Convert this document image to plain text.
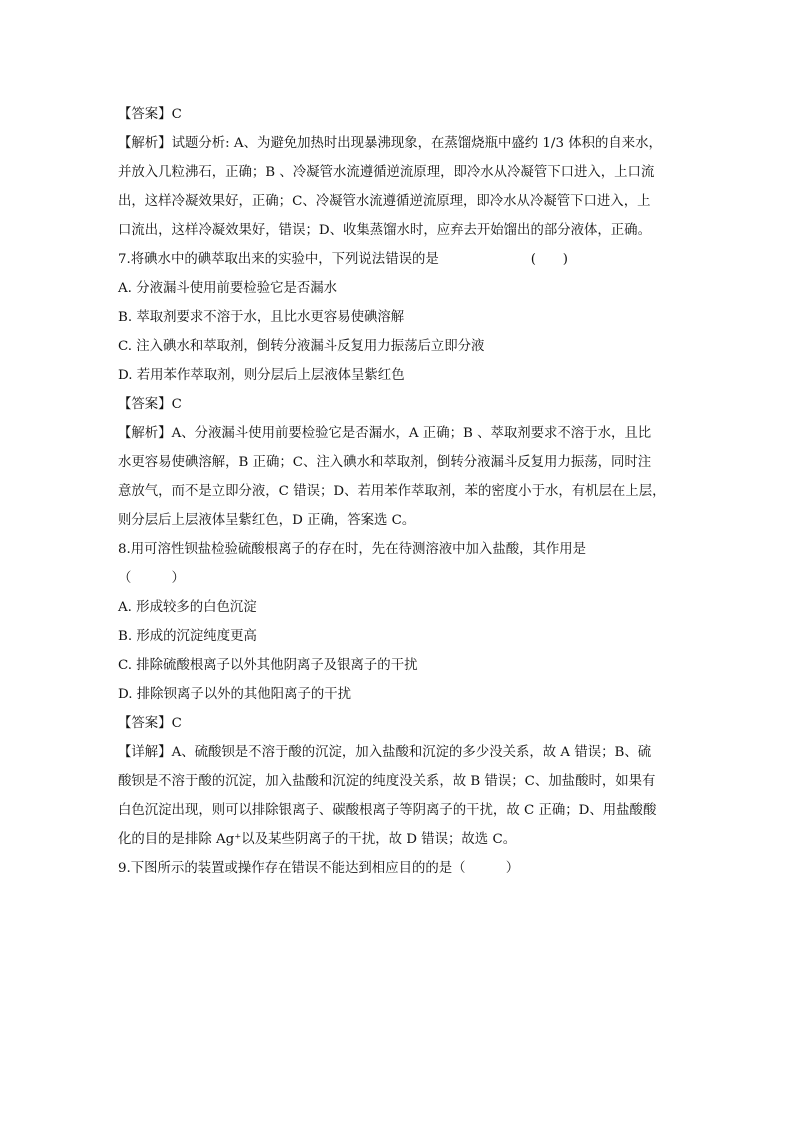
【答案】C

【解析】试题分析: A、为避免加热时出现暴沸现象，在蒸馏烧瓶中盛约 1/3 体积的自来水，

并放入几粒沸石，正确；B 、冷凝管水流遵循逆流原理，即冷水从冷凝管下口进入，上口流

出，这样冷凝效果好，正确；C、冷凝管水流遵循逆流原理，即冷水从冷凝管下口进入，上

口流出，这样冷凝效果好，错误；D、收集蒸馏水时，应弃去开始馏出的部分液体，正确。

7.将碘水中的碘萃取出来的实验中，下列说法错误的是	(　　)

A. 分液漏斗使用前要检验它是否漏水

B. 萃取剂要求不溶于水，且比水更容易使碘溶解

C. 注入碘水和萃取剂，倒转分液漏斗反复用力振荡后立即分液

D. 若用苯作萃取剂，则分层后上层液体呈紫红色

【答案】C

【解析】A、分液漏斗使用前要检验它是否漏水，A 正确；B 、萃取剂要求不溶于水，且比

水更容易使碘溶解，B 正确；C、注入碘水和萃取剂，倒转分液漏斗反复用力振荡，同时注

意放气，而不是立即分液，C 错误；D、若用苯作萃取剂，苯的密度小于水，有机层在上层，

则分层后上层液体呈紫红色，D 正确，答案选 C。

8.用可溶性钡盐检验硫酸根离子的存在时，先在待测溶液中加入盐酸，其作用是

（　　　）

A. 形成较多的白色沉淀

B. 形成的沉淀纯度更高

C. 排除硫酸根离子以外其他阴离子及银离子的干扰

D. 排除钡离子以外的其他阳离子的干扰

【答案】C

【详解】A、硫酸钡是不溶于酸的沉淀，加入盐酸和沉淀的多少没关系，故 A 错误；B、硫

酸钡是不溶于酸的沉淀，加入盐酸和沉淀的纯度没关系，故 B 错误；C、加盐酸时，如果有

白色沉淀出现，则可以排除银离子、碳酸根离子等阴离子的干扰，故 C 正确；D、用盐酸酸

化的目的是排除 Ag⁺以及某些阴离子的干扰，故 D 错误；故选 C。

9.下图所示的装置或操作存在错误不能达到相应目的的是（　　　）
